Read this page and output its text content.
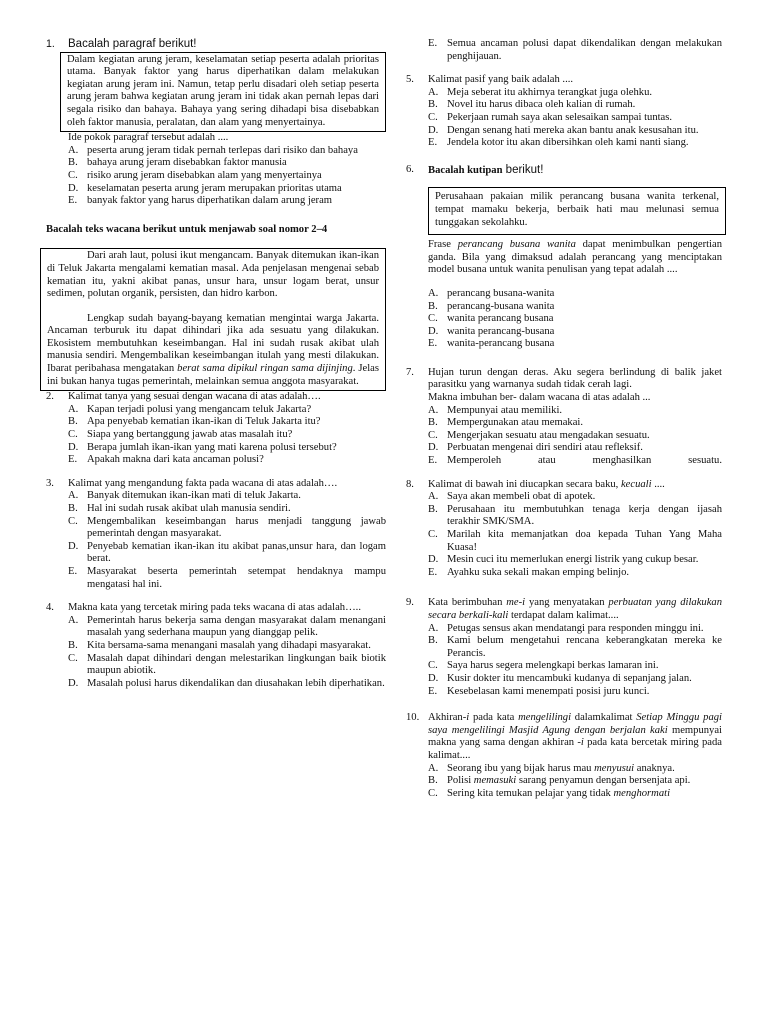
1. Bacalah paragraf berikut!

Dalam kegiatan arung jeram, keselamatan setiap peserta adalah prioritas utama. Banyak faktor yang harus diperhatikan dalam melakukan kegiatan arung jeram ini. Namun, tetap perlu disadari oleh setiap peserta arung jeram bahwa kegiatan arung jeram ini tidak akan pernah lepas dari segala risiko dan bahaya. Bahaya yang sering dihadapi bisa disebabkan oleh faktor manusia, peralatan, dan alam yang menyertainya.

Ide pokok paragraf tersebut adalah ....
A. peserta arung jeram tidak pernah terlepas dari risiko dan bahaya
B. bahaya arung jeram disebabkan faktor manusia
C. risiko arung jeram disebabkan alam yang menyertainya
D. keselamatan peserta arung jeram merupakan prioritas utama
E. banyak faktor yang harus diperhatikan dalam arung jeram
Bacalah teks wacana berikut untuk menjawab soal nomor 2–4

Dari arah laut, polusi ikut mengancam. Banyak ditemukan ikan-ikan di Teluk Jakarta mengalami kematian masal. Ada penjelasan mengenai sebab kematian itu, yakni akibat panas, unsur hara, unsur logam berat, unsur sedimen, polutan organik, persisten, dan hidro karbon.

Lengkap sudah bayang-bayang kematian mengintai warga Jakarta. Ancaman terburuk itu dapat dihindari jika ada sesuatu yang dilakukan. Ekosistem membutuhkan keseimbangan. Hal ini sudah rusak akibat ulah manusia sendiri. Mengembalikan keseimbangan itulah yang mesti dilakukan. Ibarat peribahasa mengatakan berat sama dipikul ringan sama dijinjing. Jelas ini bukan hanya tugas pemerintah, melainkan semua anggota masyarakat.

2. Kalimat tanya yang sesuai dengan wacana di atas adalah….
A. Kapan terjadi polusi yang mengancam teluk Jakarta?
B. Apa penyebab kematian ikan-ikan di Teluk Jakarta itu?
C. Siapa yang bertanggung jawab atas masalah itu?
D. Berapa jumlah ikan-ikan yang mati karena polusi tersebut?
E. Apakah makna dari kata ancaman polusi?
3. Kalimat yang mengandung fakta pada wacana di atas adalah….
A. Banyak ditemukan ikan-ikan mati di teluk Jakarta.
B. Hal ini sudah rusak akibat ulah manusia sendiri.
C. Mengembalikan keseimbangan harus menjadi tanggung jawab pemerintah dengan masyarakat.
D. Penyebab kematian ikan-ikan itu akibat panas,unsur hara, dan logam berat.
E. Masyarakat beserta pemerintah setempat hendaknya mampu mengatasi hal ini.
4. Makna kata yang tercetak miring pada teks wacana di atas adalah…..
A. Pemerintah harus bekerja sama dengan masyarakat dalam menangani masalah yang sederhana maupun yang dianggap pelik.
B. Kita bersama-sama menangani masalah yang dihadapi masyarakat.
C. Masalah dapat dihindari dengan melestarikan lingkungan baik biotik maupun abiotik.
D. Masalah polusi harus dikendalikan dan diusahakan lebih diperhatikan.
E. Semua ancaman polusi dapat dikendalikan dengan melakukan penghijauan.
5. Kalimat pasif yang baik adalah ....
A. Meja seberat itu akhirnya terangkat juga olehku.
B. Novel itu harus dibaca oleh kalian di rumah.
C. Pekerjaan rumah saya akan selesaikan sampai tuntas.
D. Dengan senang hati mereka akan bantu anak kesusahan itu.
E. Jendela kotor itu akan dibersihkan oleh kami nanti siang.
6. Bacalah kutipan berikut!

Perusahaan pakaian milik perancang busana wanita terkenal, tempat mamaku bekerja, berbaik hati mau melunasi semua tunggakan sekolahku.

Frase perancang busana wanita dapat menimbulkan pengertian ganda. Bila yang dimaksud adalah perancang yang menciptakan model busana untuk wanita penulisan yang tepat adalah ....
A. perancang busana-wanita
B. perancang-busana wanita
C. wanita perancang busana
D. wanita perancang-busana
E. wanita-perancang busana
7. Hujan turun dengan deras. Aku segera berlindung di balik jaket parasitku yang warnanya sudah tidak cerah lagi.
Makna imbuhan ber- dalam wacana di atas adalah ...
A. Mempunyai atau memiliki.
B. Mempergunakan atau memakai.
C. Mengerjakan sesuatu atau mengadakan sesuatu.
D. Perbuatan mengenai diri sendiri atau refleksif.
E. Memperoleh atau menghasilkan sesuatu.
8. Kalimat di bawah ini diucapkan secara baku, kecuali ....
A. Saya akan membeli obat di apotek.
B. Perusahaan itu membutuhkan tenaga kerja dengan ijasah terakhir SMK/SMA.
C. Marilah kita memanjatkan doa kepada Tuhan Yang Maha Kuasa!
D. Mesin cuci itu memerlukan energi listrik yang cukup besar.
E. Ayahku suka sekali makan emping belinjo.
9. Kata berimbuhan me-i yang menyatakan perbuatan yang dilakukan secara berkali-kali terdapat dalam kalimat....
A. Petugas sensus akan mendatangi para responden minggu ini.
B. Kami belum mengetahui rencana keberangkatan mereka ke Perancis.
C. Saya harus segera melengkapi berkas lamaran ini.
D. Kusir dokter itu mencambuki kudanya di sepanjang jalan.
E. Kesebelasan kami menempati posisi juru kunci.
10. Akhiran-i pada kata mengelilingi dalamkalimat Setiap Minggu pagi saya mengelilingi Masjid Agung dengan berjalan kaki mempunyai makna yang sama dengan akhiran -i pada kata bercetak miring pada kalimat....
A. Seorang ibu yang bijak harus mau menyusui anaknya.
B. Polisi memasuki sarang penyamun dengan bersenjata api.
C. Sering kita temukan pelajar yang tidak menghormati
